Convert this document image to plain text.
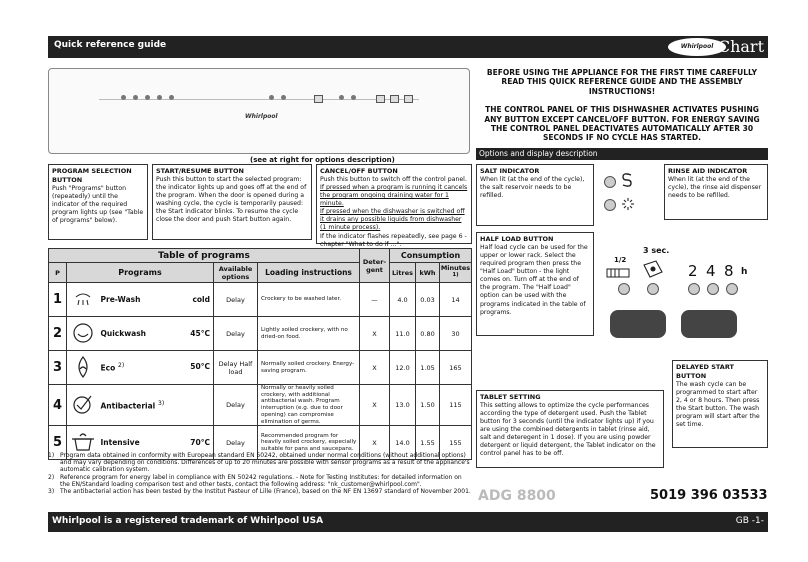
Quick reference guide	Whirlpool Chart
Whirlpool
(see at right for options description)
PROGRAM SELECTION BUTTON
Push "Programs" button (repeatedly) until the indicator of the required program lights up (see "Table of programs" below).
START/RESUME BUTTON
Push this button to start the selected program: the indicator lights up and goes off at the end of the program. When the door is opened during a washing cycle, the cycle is temporarily paused: the Start indicator blinks. To resume the cycle close the door and push Start button again.
CANCEL/OFF BUTTON
Push this button to switch off the control panel.
If pressed when a program is running it cancels the program ongoing draining water for 1 minute.
If pressed when the dishwasher is switched off it drains any possible liquids from dishwasher (1 minute process).
If the indicator flashes repeatedly, see page 6 - chapter "What to do if ...".
Table of programs					Deter-gent	Consumption		
P	Programs		Available options	Loading instructions		Litres	kWh	Minutes $^{1)}$
1		Pre-Wash cold	Delay	Crockery to be washed later.	—	4.0	0.03	14
2		Quickwash 45°C	Delay	Lightly soiled crockery, with no dried-on food.	X	11.0	0.80	30
3		Eco $^{2)}$ 50°C	Delay Half load	Normally soiled crockery. Energy-saving program.	X	12.0	1.05	165
4		Antibacterial $^{3)}$	Delay	Normally or heavily soiled crockery, with additional antibacterial wash. Program interruption (e.g. due to door opening) can compromise elimination of germs.	X	13.0	1.50	115
5		Intensive 70°C	Delay	Recommended program for heavily soiled crockery, especially suitable for pans and saucepans.	X	14.0	1.55	155
1) Program data obtained in conformity with European standard EN 50242, obtained under normal conditions (without additional options) and may vary depending on conditions. Differences of up to 20 minutes are possible with sensor programs as a result of the appliance's automatic calibration system.
2) Reference program for energy label in compliance with EN 50242 regulations. - Note for Testing Institutes: for detailed information on the EN/Standard loading comparison test and other tests, contact the following address: "nk_customer@whirlpool.com".
3) The antibacterial action has been tested by the Institut Pasteur of Lille (France), based on the NF EN 13697 standard of November 2001.
BEFORE USING THE APPLIANCE FOR THE FIRST TIME CAREFULLY READ THIS QUICK REFERENCE GUIDE AND THE ASSEMBLY INSTRUCTIONS!
THE CONTROL PANEL OF THIS DISHWASHER ACTIVATES PUSHING ANY BUTTON EXCEPT CANCEL/OFF BUTTON. FOR ENERGY SAVING THE CONTROL PANEL DEACTIVATES AUTOMATICALLY AFTER 30 SECONDS IF NO CYCLE HAS STARTED.
Options and display description
SALT INDICATOR
When lit (at the end of the cycle), the salt reservoir needs to be refilled.
RINSE AID INDICATOR
When lit (at the end of the cycle), the rinse aid dispenser needs to be refilled.
HALF LOAD BUTTON
Half load cycle can be used for the upper or lower rack. Select the required program then press the "Half Load" button - the light comes on. Turn off at the end of the program. The "Half Load" option can be used with the programs indicated in the table of programs.
1/2
3 sec.
2 4 8 h
DELAYED START BUTTON
The wash cycle can be programmed to start after 2, 4 or 8 hours. Then press the Start button. The wash program will start after the set time.
TABLET SETTING
This setting allows to optimize the cycle performances according the type of detergent used. Push the Tablet button for 3 seconds (until the indicator lights up) if you are using the combined detergents in tablet (rinse aid, salt and deteregent in 1 dose). If you are using powder detergent or liquid detergent, the Tablet indicator on the control panel has to be off.
ADG 8800	5019 396 03533
Whirlpool is a registered trademark of Whirlpool USA	GB -1-
